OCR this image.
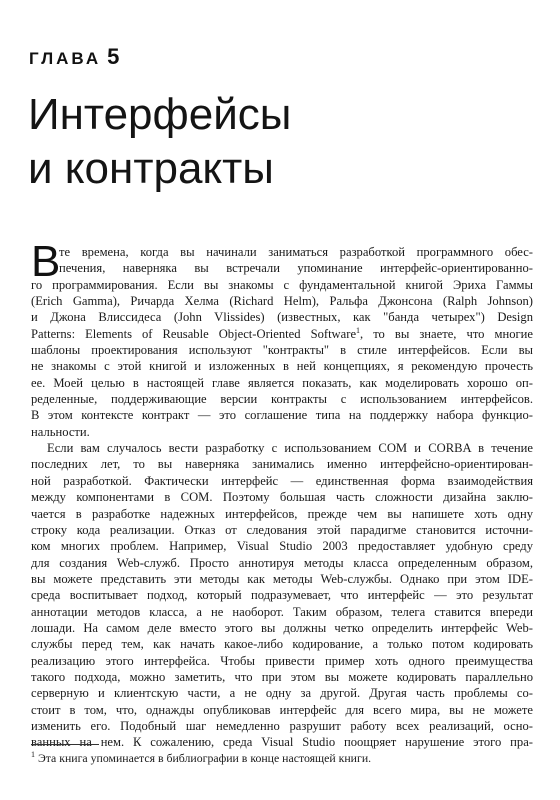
ГЛАВА 5
Интерфейсы
и контракты
В
те времена, когда вы начинали заниматься разработкой программного обес-
печения, наверняка вы встречали упоминание интерфейс-ориентированно-
го программирования. Если вы знакомы с фундаментальной книгой Эриха Гаммы
(Erich Gamma), Ричарда Хелма (Richard Helm), Ральфа Джонсона (Ralph Johnson)
и Джона Влиссидеса (John Vlissides) (известных, как "банда четырех") Design
Patterns: Elements of Reusable Object-Oriented Software$^1$, то вы знаете, что многие
шаблоны проектирования используют "контракты" в стиле интерфейсов. Если вы
не знакомы с этой книгой и изложенных в ней концепциях, я рекомендую прочесть
ее. Моей целью в настоящей главе является показать, как моделировать хорошо оп-
ределенные, поддерживающие версии контракты с использованием интерфейсов.
В этом контексте контракт — это соглашение типа на поддержку набора функцио-
нальности.
Если вам случалось вести разработку с использованием COM и CORBA в течение
последних лет, то вы наверняка занимались именно интерфейсно-ориентирован-
ной разработкой. Фактически интерфейс — единственная форма взаимодействия
между компонентами в COM. Поэтому большая часть сложности дизайна заклю-
чается в разработке надежных интерфейсов, прежде чем вы напишете хоть одну
строку кода реализации. Отказ от следования этой парадигме становится источни-
ком многих проблем. Например, Visual Studio 2003 предоставляет удобную среду
для создания Web-служб. Просто аннотируя методы класса определенным образом,
вы можете представить эти методы как методы Web-службы. Однако при этом IDE-
среда воспитывает подход, который подразумевает, что интерфейс — это результат
аннотации методов класса, а не наоборот. Таким образом, телега ставится впереди
лошади. На самом деле вместо этого вы должны четко определить интерфейс Web-
службы перед тем, как начать какое-либо кодирование, а только потом кодировать
реализацию этого интерфейса. Чтобы привести пример хоть одного преимущества
такого подхода, можно заметить, что при этом вы можете кодировать параллельно
серверную и клиентскую части, а не одну за другой. Другая часть проблемы со-
стоит в том, что, однажды опубликовав интерфейс для всего мира, вы не можете
изменить его. Подобный шаг немедленно разрушит работу всех реализаций, осно-
ванных на нем. К сожалению, среда Visual Studio поощряет нарушение этого пра-
$^1$ Эта книга упоминается в библиографии в конце настоящей книги.
